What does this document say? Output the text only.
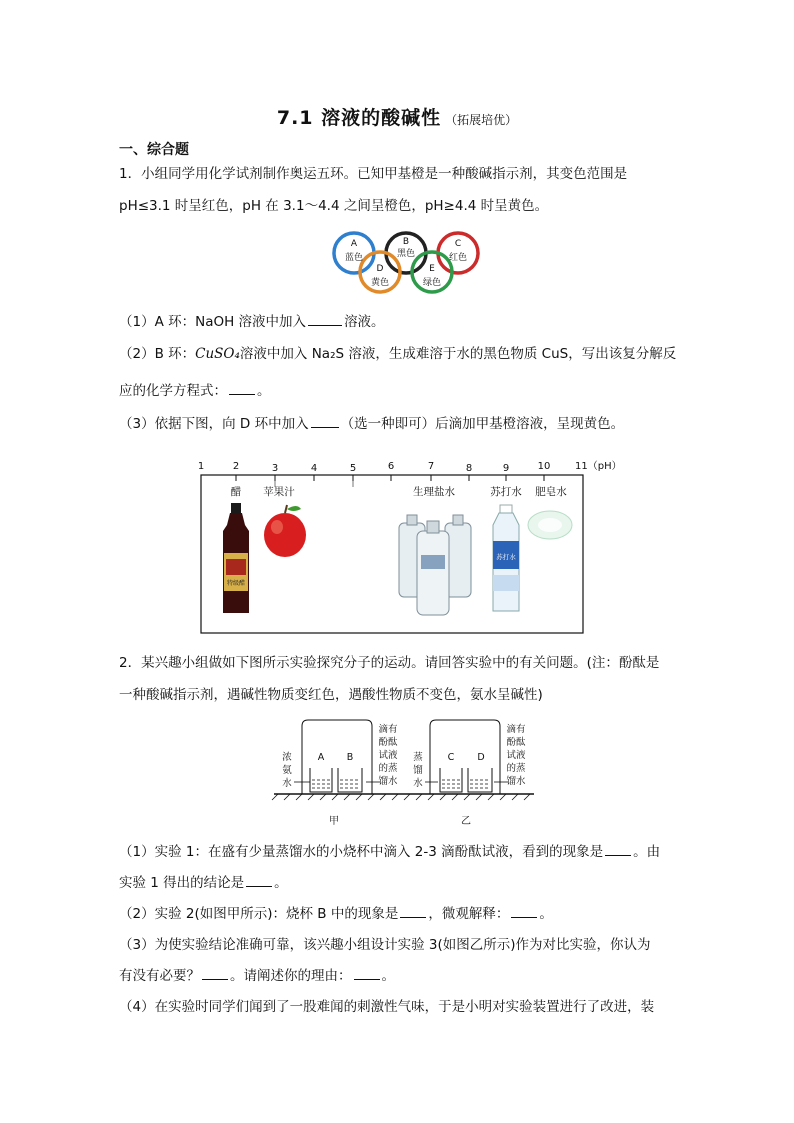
7.1 溶液的酸碱性 （拓展培优）
一、综合题
1．小组同学用化学试剂制作奥运五环。已知甲基橙是一种酸碱指示剂，其变色范围是
pH≤3.1 时呈红色，pH 在 3.1～4.4 之间呈橙色，pH≥4.4 时呈黄色。
A
蓝色
B
黑色
C
红色
D
黄色
E
绿色
（1）A 环：NaOH 溶液中加入	溶液。
（2）B 环：CuSO₄溶液中加入 Na₂S 溶液，生成难溶于水的黑色物质 CuS，写出该复分解反
应的化学方程式： 。
（3）依据下图，向 D 环中加入 （选一种即可）后滴加甲基橙溶液，呈现黄色。
1	2	3	4	5	6	7	8	9	10 11（pH）
醋 苹果汁	生理盐水	苏打水 肥皂水
特级醋
苏打水
2．某兴趣小组做如下图所示实验探究分子的运动。请回答实验中的有关问题。(注：酚酞是
一种酸碱指示剂，遇碱性物质变红色，遇酸性物质不变色，氨水呈碱性)
浓
氨
水
滴有
酚酞
试液
的蒸
馏水
蒸
馏
水
滴有
酚酞
试液
的蒸
馏水
A B	C D
甲	乙
（1）实验 1：在盛有少量蒸馏水的小烧杯中滴入 2-3 滴酚酞试液，看到的现象是 。由
实验 1 得出的结论是 。
（2）实验 2(如图甲所示)：烧杯 B 中的现象是 ，微观解释： 。
（3）为使实验结论准确可靠，该兴趣小组设计实验 3(如图乙所示)作为对比实验，你认为
有没有必要？ 。请阐述你的理由： 。
（4）在实验时同学们闻到了一股难闻的刺激性气味，于是小明对实验装置进行了改进，装
